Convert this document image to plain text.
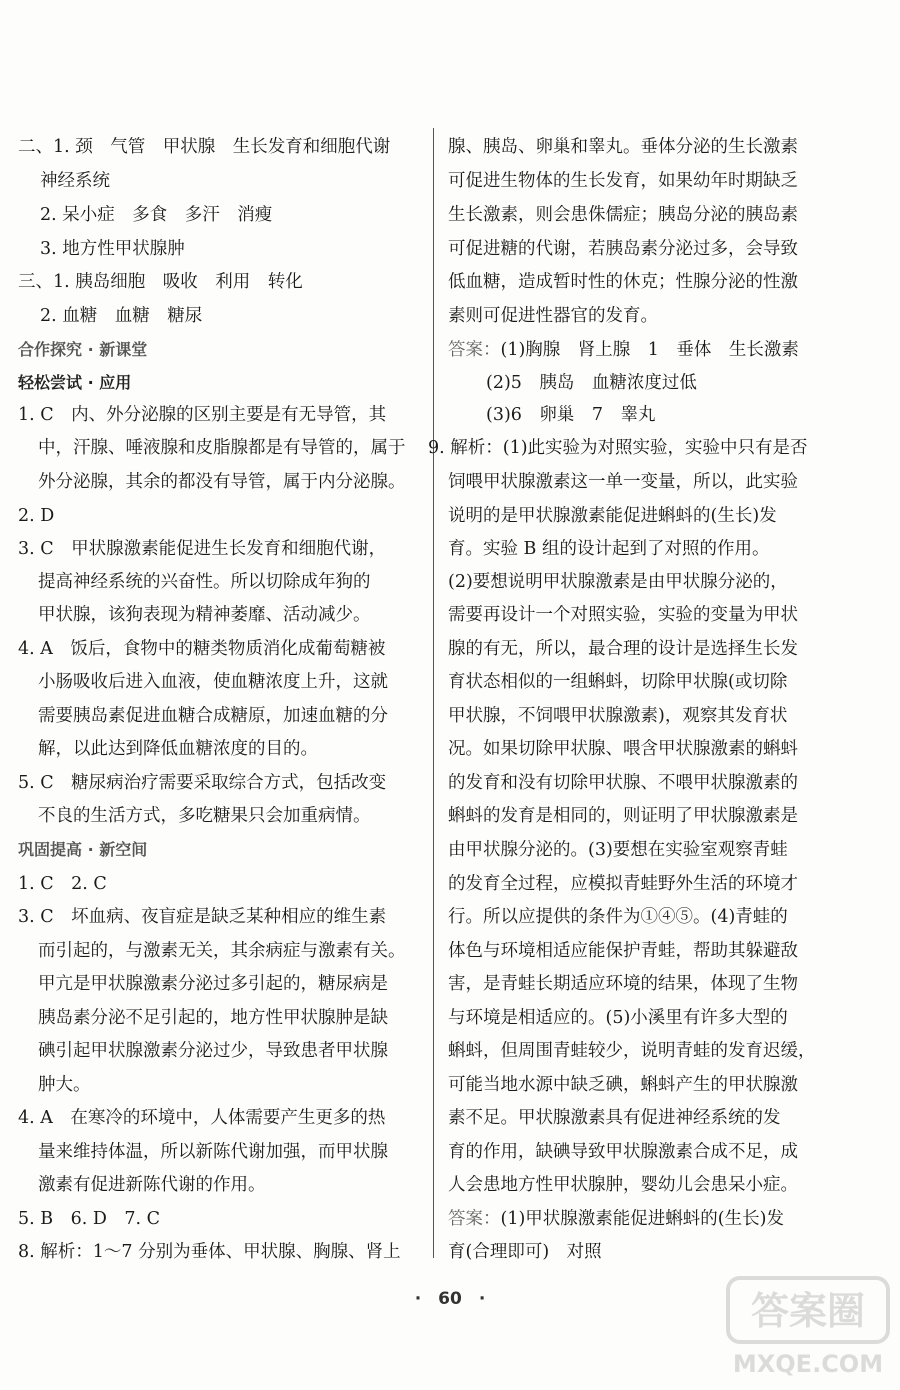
二、1. 颈　气管　甲状腺　生长发育和细胞代谢
神经系统
2. 呆小症　多食　多汗　消瘦
3. 地方性甲状腺肿
三、1. 胰岛细胞　吸收　利用　转化
2. 血糖　血糖　糖尿
合作探究 · 新课堂
轻松尝试 · 应用
1. C　内、外分泌腺的区别主要是有无导管，其
中，汗腺、唾液腺和皮脂腺都是有导管的，属于
外分泌腺，其余的都没有导管，属于内分泌腺。
2. D
3. C　甲状腺激素能促进生长发育和细胞代谢，
提高神经系统的兴奋性。所以切除成年狗的
甲状腺，该狗表现为精神萎靡、活动减少。
4. A　饭后，食物中的糖类物质消化成葡萄糖被
小肠吸收后进入血液，使血糖浓度上升，这就
需要胰岛素促进血糖合成糖原，加速血糖的分
解，以此达到降低血糖浓度的目的。
5. C　糖尿病治疗需要采取综合方式，包括改变
不良的生活方式，多吃糖果只会加重病情。
巩固提高 · 新空间
1. C　2. C
3. C　坏血病、夜盲症是缺乏某种相应的维生素
而引起的，与激素无关，其余病症与激素有关。
甲亢是甲状腺激素分泌过多引起的，糖尿病是
胰岛素分泌不足引起的，地方性甲状腺肿是缺
碘引起甲状腺激素分泌过少，导致患者甲状腺
肿大。
4. A　在寒冷的环境中，人体需要产生更多的热
量来维持体温，所以新陈代谢加强，而甲状腺
激素有促进新陈代谢的作用。
5. B　6. D　7. C
8. 解析：1～7 分别为垂体、甲状腺、胸腺、肾上
腺、胰岛、卵巢和睾丸。垂体分泌的生长激素
可促进生物体的生长发育，如果幼年时期缺乏
生长激素，则会患侏儒症；胰岛分泌的胰岛素
可促进糖的代谢，若胰岛素分泌过多，会导致
低血糖，造成暂时性的休克；性腺分泌的性激
素则可促进性器官的发育。
答案：(1)胸腺　肾上腺　1　垂体　生长激素
(2)5　胰岛　血糖浓度过低
(3)6　卵巢　7　睾丸
9. 解析：(1)此实验为对照实验，实验中只有是否
饲喂甲状腺激素这一单一变量，所以，此实验
说明的是甲状腺激素能促进蝌蚪的(生长)发
育。实验 B 组的设计起到了对照的作用。
(2)要想说明甲状腺激素是由甲状腺分泌的，
需要再设计一个对照实验，实验的变量为甲状
腺的有无，所以，最合理的设计是选择生长发
育状态相似的一组蝌蚪，切除甲状腺(或切除
甲状腺，不饲喂甲状腺激素)，观察其发育状
况。如果切除甲状腺、喂含甲状腺激素的蝌蚪
的发育和没有切除甲状腺、不喂甲状腺激素的
蝌蚪的发育是相同的，则证明了甲状腺激素是
由甲状腺分泌的。(3)要想在实验室观察青蛙
的发育全过程，应模拟青蛙野外生活的环境才
行。所以应提供的条件为①④⑤。(4)青蛙的
体色与环境相适应能保护青蛙，帮助其躲避敌
害，是青蛙长期适应环境的结果，体现了生物
与环境是相适应的。(5)小溪里有许多大型的
蝌蚪，但周围青蛙较少，说明青蛙的发育迟缓，
可能当地水源中缺乏碘，蝌蚪产生的甲状腺激
素不足。甲状腺激素具有促进神经系统的发
育的作用，缺碘导致甲状腺激素合成不足，成
人会患地方性甲状腺肿，婴幼儿会患呆小症。
答案：(1)甲状腺激素能促进蝌蚪的(生长)发
育(合理即可)　对照
·　60　·	答案圈
MXQE.COM
